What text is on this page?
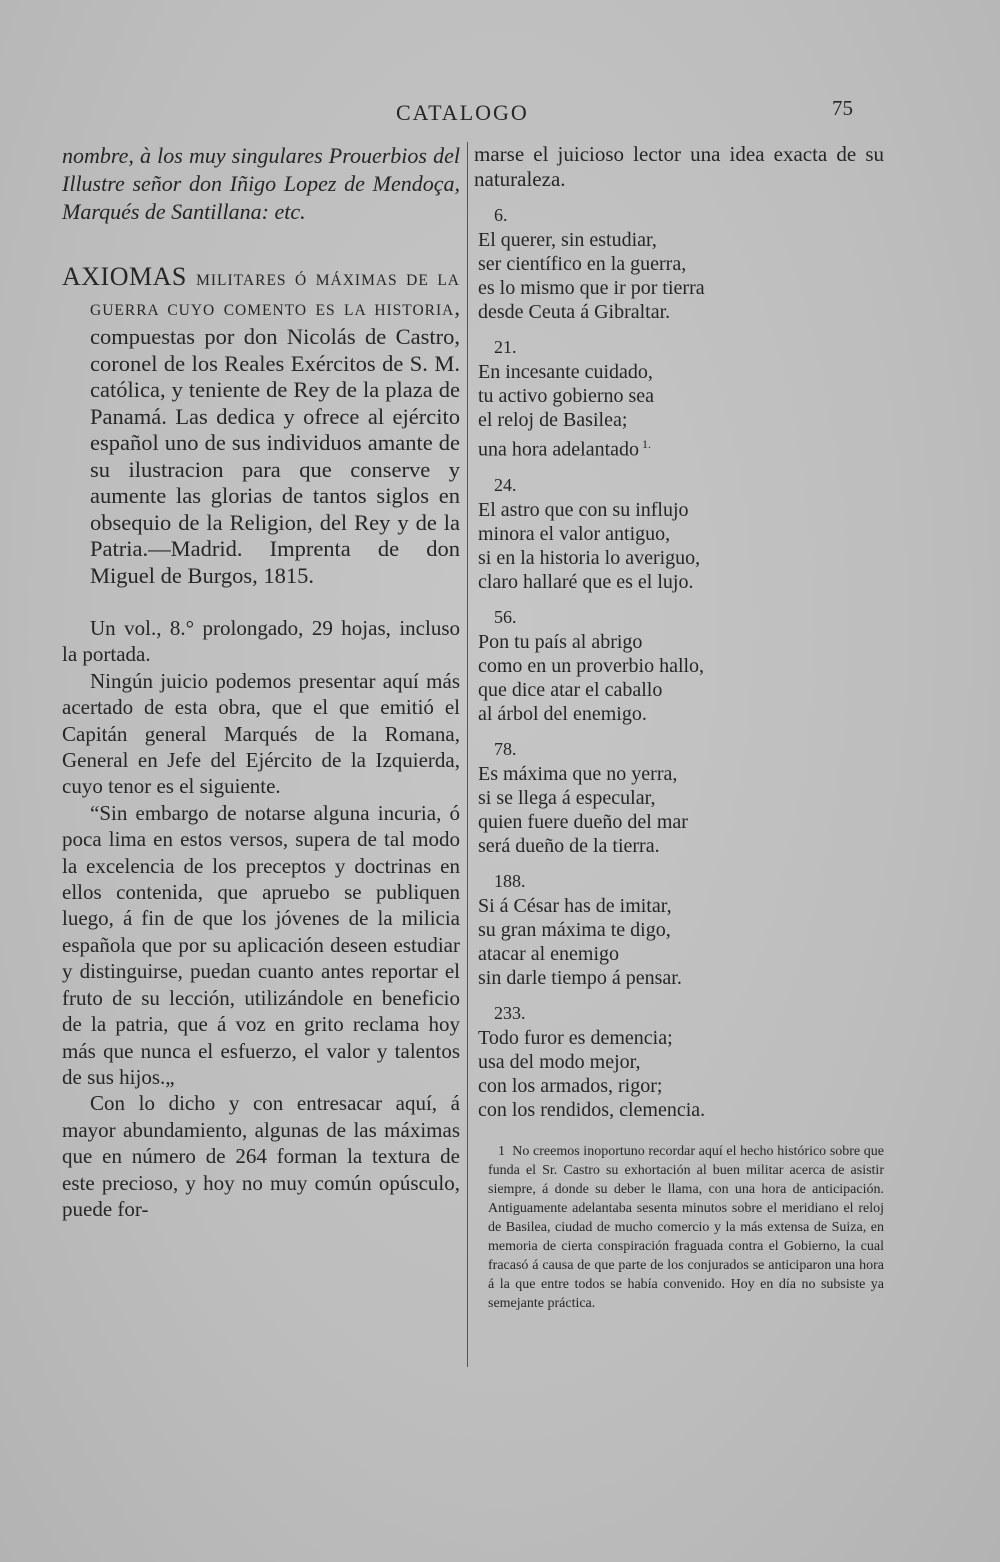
CATALOGO	75

nombre, à los muy singulares Prouerbios del Illustre señor don Iñigo Lopez de Mendoça, Marqués de Santillana: etc.

AXIOMAS MILITARES Ó MÁXIMAS DE LA GUERRA CUYO COMENTO ES LA HISTORIA, compuestas por don Nicolás de Castro, coronel de los Reales Exércitos de S. M. católica, y teniente de Rey de la plaza de Panamá. Las dedica y ofrece al ejército español uno de sus individuos amante de su ilustracion para que conserve y aumente las glorias de tantos siglos en obsequio de la Religion, del Rey y de la Patria.—Madrid. Imprenta de don Miguel de Burgos, 1815.

Un vol., 8.° prolongado, 29 hojas, incluso la portada.

Ningún juicio podemos presentar aquí más acertado de esta obra, que el que emitió el Capitán general Marqués de la Romana, General en Jefe del Ejército de la Izquierda, cuyo tenor es el siguiente.

“Sin embargo de notarse alguna incuria, ó poca lima en estos versos, supera de tal modo la excelencia de los preceptos y doctrinas en ellos contenida, que apruebo se publiquen luego, á fin de que los jóvenes de la milicia española que por su aplicación deseen estudiar y distinguirse, puedan cuanto antes reportar el fruto de su lección, utilizándole en beneficio de la patria, que á voz en grito reclama hoy más que nunca el esfuerzo, el valor y talentos de sus hijos.„

Con lo dicho y con entresacar aquí, á mayor abundamiento, algunas de las máximas que en número de 264 forman la textura de este precioso, y hoy no muy común opúsculo, puede for-

marse el juicioso lector una idea exacta de su naturaleza.

6.
El querer, sin estudiar,
ser científico en la guerra,
es lo mismo que ir por tierra
desde Ceuta á Gibraltar.
21.
En incesante cuidado,
tu activo gobierno sea
el reloj de Basilea;
una hora adelantado $^{1.}$
24.
El astro que con su influjo
minora el valor antiguo,
si en la historia lo averiguo,
claro hallaré que es el lujo.
56.
Pon tu país al abrigo
como en un proverbio hallo,
que dice atar el caballo
al árbol del enemigo.
78.
Es máxima que no yerra,
si se llega á especular,
quien fuere dueño del mar
será dueño de la tierra.
188.
Si á César has de imitar,
su gran máxima te digo,
atacar al enemigo
sin darle tiempo á pensar.
233.
Todo furor es demencia;
usa del modo mejor,
con los armados, rigor;
con los rendidos, clemencia.

1 No creemos inoportuno recordar aquí el hecho histórico sobre que funda el Sr. Castro su exhortación al buen militar acerca de asistir siempre, á donde su deber le llama, con una hora de anticipación. Antiguamente adelantaba sesenta minutos sobre el meridiano el reloj de Basilea, ciudad de mucho comercio y la más extensa de Suiza, en memoria de cierta conspiración fraguada contra el Gobierno, la cual fracasó á causa de que parte de los conjurados se anticiparon una hora á la que entre todos se había convenido. Hoy en día no subsiste ya semejante práctica.
